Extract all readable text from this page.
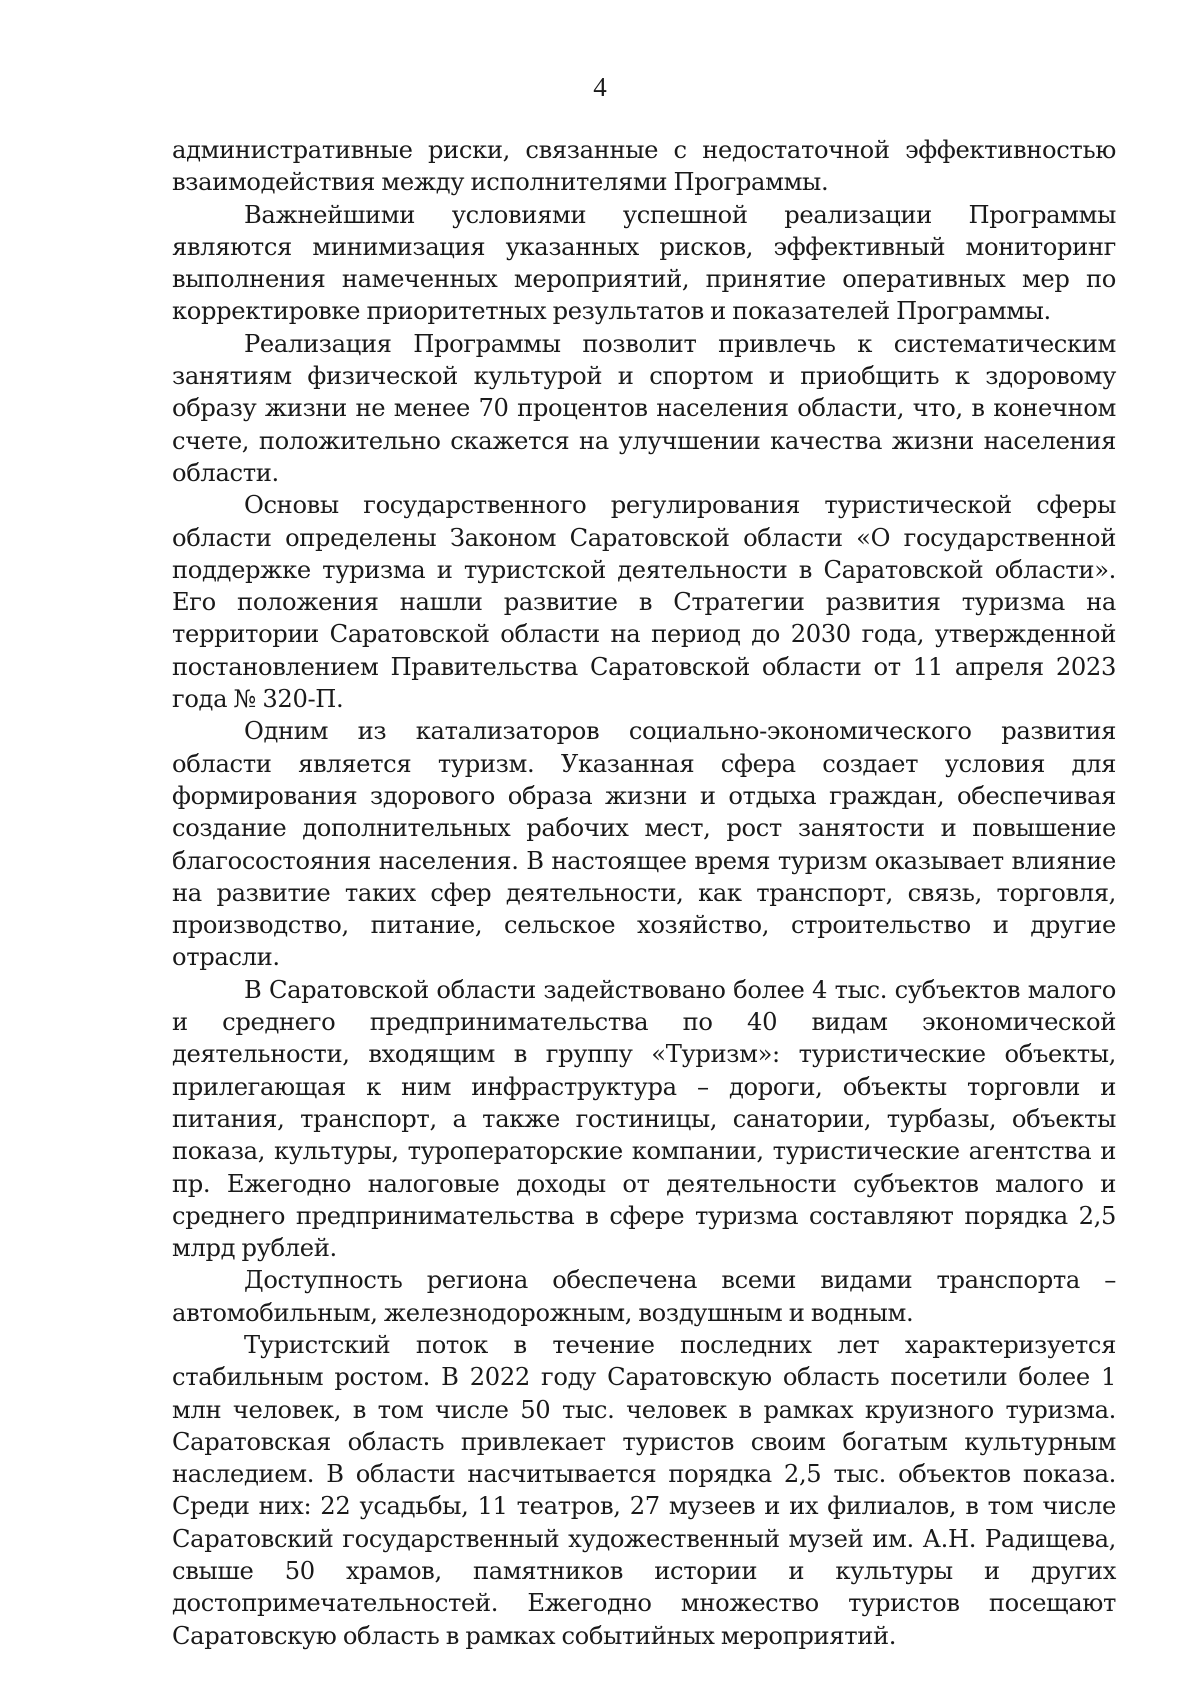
4

административные риски, связанные с недостаточной эффективностью взаимодействия между исполнителями Программы.

Важнейшими условиями успешной реализации Программы являются минимизация указанных рисков, эффективный мониторинг выполнения намеченных мероприятий, принятие оперативных мер по корректировке приоритетных результатов и показателей Программы.

Реализация Программы позволит привлечь к систематическим занятиям физической культурой и спортом и приобщить к здоровому образу жизни не менее 70 процентов населения области, что, в конечном счете, положительно скажется на улучшении качества жизни населения области.

Основы государственного регулирования туристической сферы области определены Законом Саратовской области «О государственной поддержке туризма и туристской деятельности в Саратовской области». Его положения нашли развитие в Стратегии развития туризма на территории Саратовской области на период до 2030 года, утвержденной постановлением Правительства Саратовской области от 11 апреля 2023 года № 320-П.

Одним из катализаторов социально-экономического развития области является туризм. Указанная сфера создает условия для формирования здорового образа жизни и отдыха граждан, обеспечивая создание дополнительных рабочих мест, рост занятости и повышение благосостояния населения. В настоящее время туризм оказывает влияние на развитие таких сфер деятельности, как транспорт, связь, торговля, производство, питание, сельское хозяйство, строительство и другие отрасли.

В Саратовской области задействовано более 4 тыс. субъектов малого и среднего предпринимательства по 40 видам экономической деятельности, входящим в группу «Туризм»: туристические объекты, прилегающая к ним инфраструктура – дороги, объекты торговли и питания, транспорт, а также гостиницы, санатории, турбазы, объекты показа, культуры, туроператорские компании, туристические агентства и пр. Ежегодно налоговые доходы от деятельности субъектов малого и среднего предпринимательства в сфере туризма составляют порядка 2,5 млрд рублей.

Доступность региона обеспечена всеми видами транспорта – автомобильным, железнодорожным, воздушным и водным.

Туристский поток в течение последних лет характеризуется стабильным ростом. В 2022 году Саратовскую область посетили более 1 млн человек, в том числе 50 тыс. человек в рамках круизного туризма. Саратовская область привлекает туристов своим богатым культурным наследием. В области насчитывается порядка 2,5 тыс. объектов показа. Среди них: 22 усадьбы, 11 театров, 27 музеев и их филиалов, в том числе Саратовский государственный художественный музей им. А.Н. Радищева, свыше 50 храмов, памятников истории и культуры и других достопримечательностей. Ежегодно множество туристов посещают Саратовскую область в рамках событийных мероприятий.
